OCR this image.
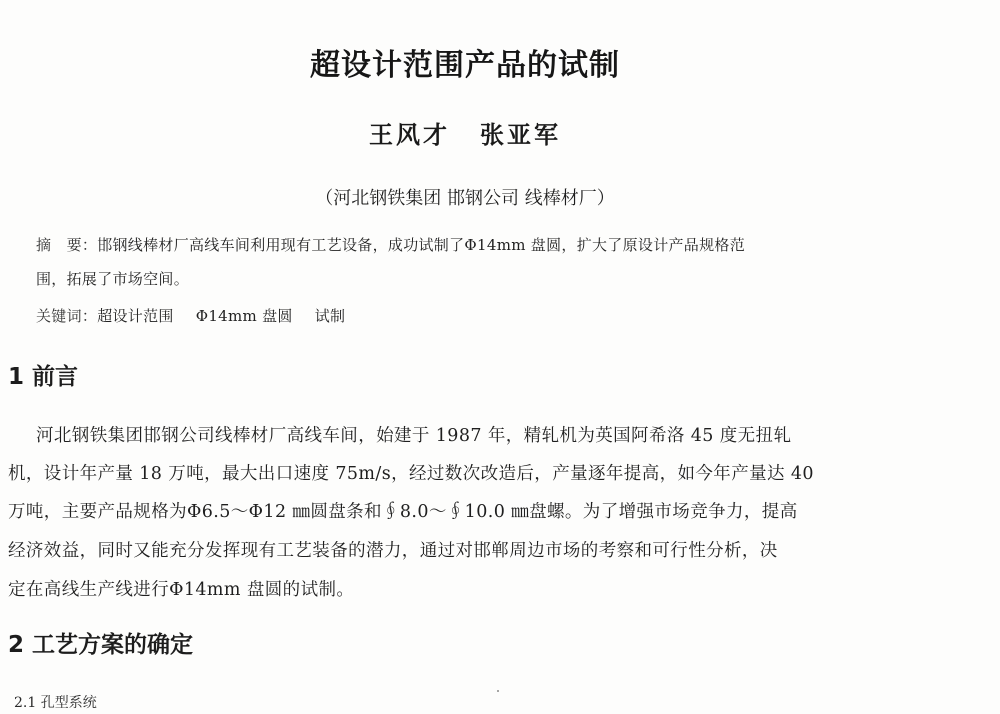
超设计范围产品的试制
王风才 张亚军
（河北钢铁集团 邯钢公司 线棒材厂）
摘　要：邯钢线棒材厂高线车间利用现有工艺设备，成功试制了Φ14mm 盘圆，扩大了原设计产品规格范
围，拓展了市场空间。
关键词：超设计范围 Φ14mm 盘圆 试制
1 前言
河北钢铁集团邯钢公司线棒材厂高线车间，始建于 1987 年，精轧机为英国阿希洛 45 度无扭轧
机，设计年产量 18 万吨，最大出口速度 75m/s，经过数次改造后，产量逐年提高，如今年产量达 40
万吨，主要产品规格为Φ6.5～Φ12 ㎜圆盘条和∮8.0～∮10.0 ㎜盘螺。为了增强市场竞争力，提高
经济效益，同时又能充分发挥现有工艺装备的潜力，通过对邯郸周边市场的考察和可行性分析，决
定在高线生产线进行Φ14mm 盘圆的试制。
2 工艺方案的确定
2.1 孔型系统
